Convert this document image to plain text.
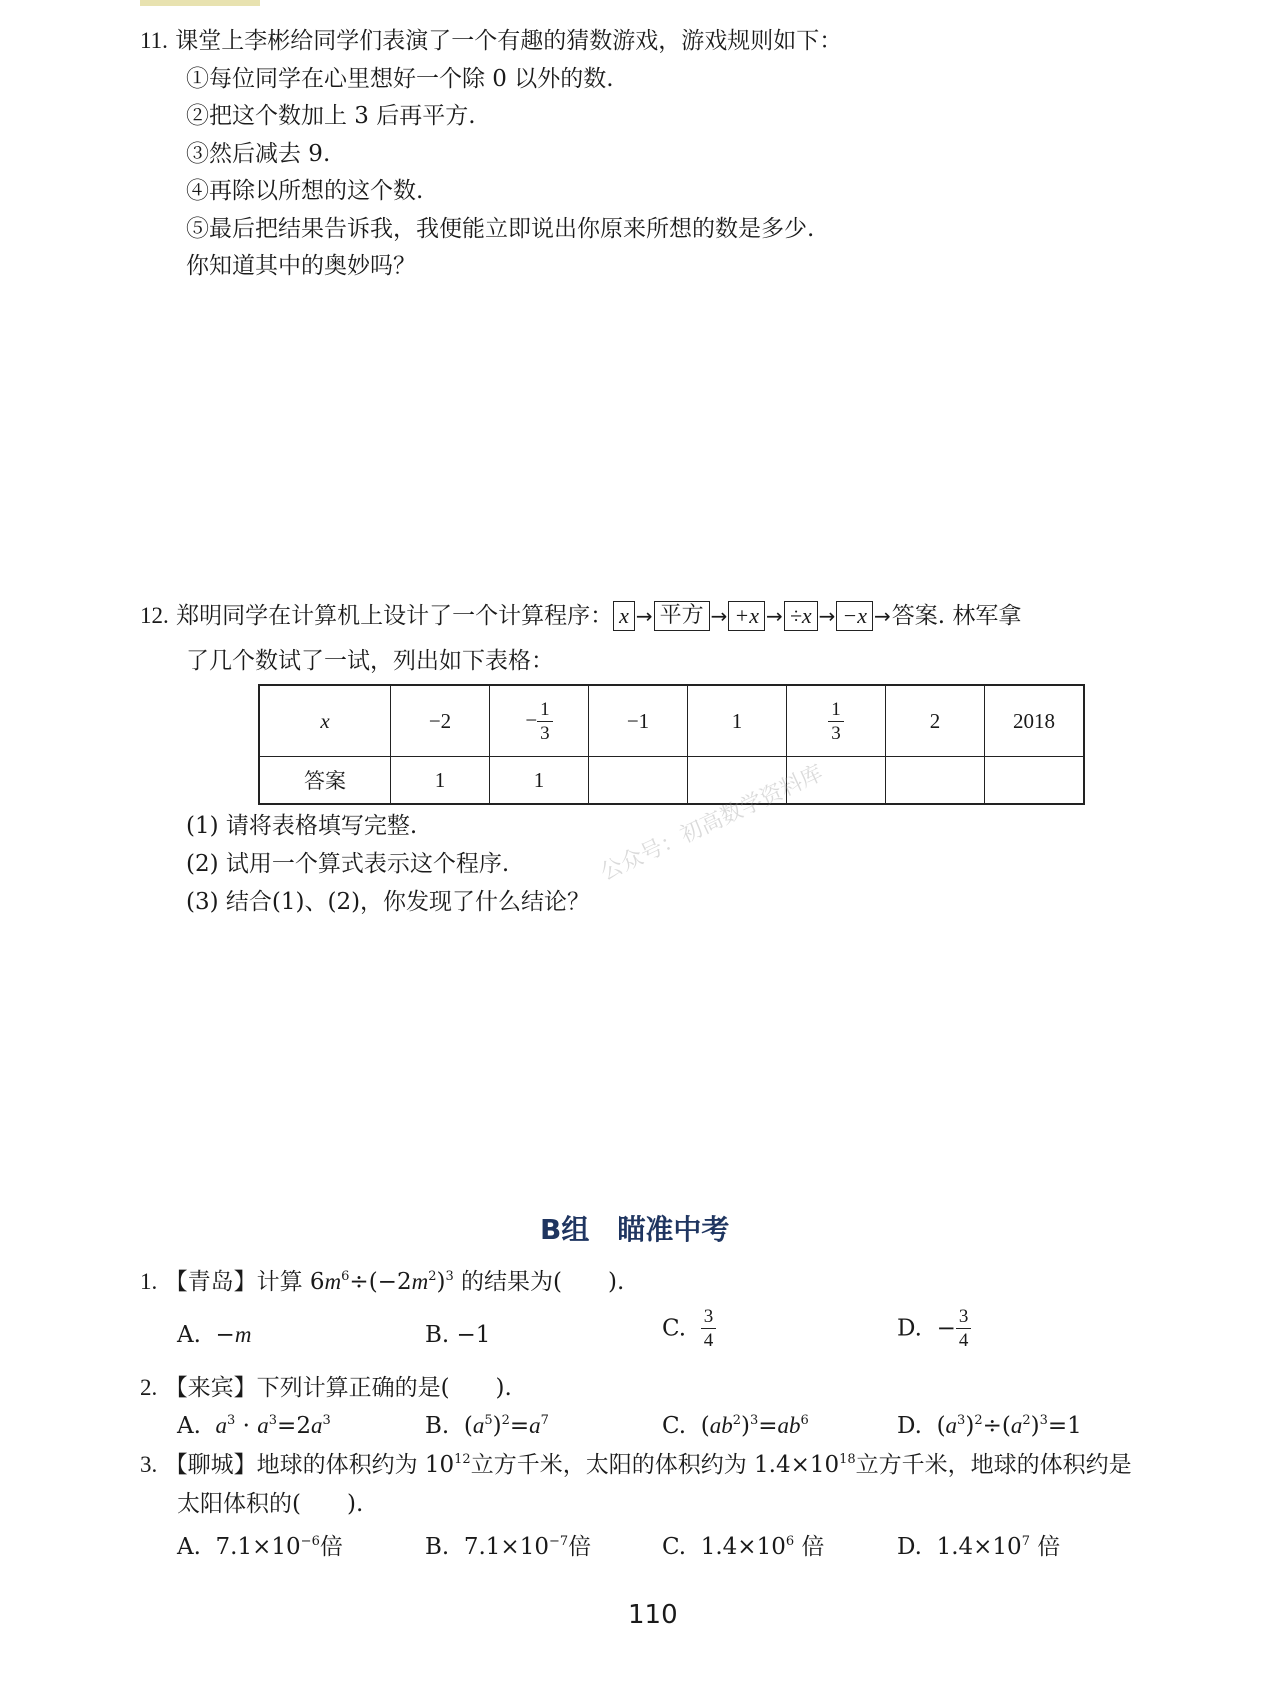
11. 课堂上李彬给同学们表演了一个有趣的猜数游戏，游戏规则如下：
①每位同学在心里想好一个除 0 以外的数.
②把这个数加上 3 后再平方.
③然后减去 9.
④再除以所想的这个数.
⑤最后把结果告诉我，我便能立即说出你原来所想的数是多少.
你知道其中的奥妙吗？
12.
郑明同学在计算机上设计了一个计算程序： x → 平方 → +x → ÷x → −x → 答案. 林军拿
了几个数试了一试，列出如下表格：
x	−2	− $\frac{1}{3}$	−1	1	$\frac{1}{3}$	2	2018
答案	1	1					
(1) 请将表格填写完整.
(2) 试用一个算式表示这个程序.
(3) 结合(1)、(2)，你发现了什么结论？
公众号：初高数学资料库
B组　瞄准中考
1. 【青岛】计算 $6m^6\div(-2m^2)^3$ 的结果为(　　).
A. −m	B. −1	C. $\frac{3}{4}$	D. − $\frac{3}{4}$
2. 【来宾】下列计算正确的是(　　).
A. $a^3 \cdot a^3=2a^3$	B. $(a^5)^2=a^7$	C. $(ab^2)^3=ab^6$	D. $(a^3)^2\div(a^2)^3=1$
3. 【聊城】地球的体积约为 $10^{12}$立方千米，太阳的体积约为 $1.4\times 10^{18}$立方千米，地球的体积约是
太阳体积的(　　).
A. $7.1\times 10^{-6}$倍	B. $7.1\times 10^{-7}$倍	C. $1.4\times 10^6$ 倍	D. $1.4\times 10^7$ 倍
110
